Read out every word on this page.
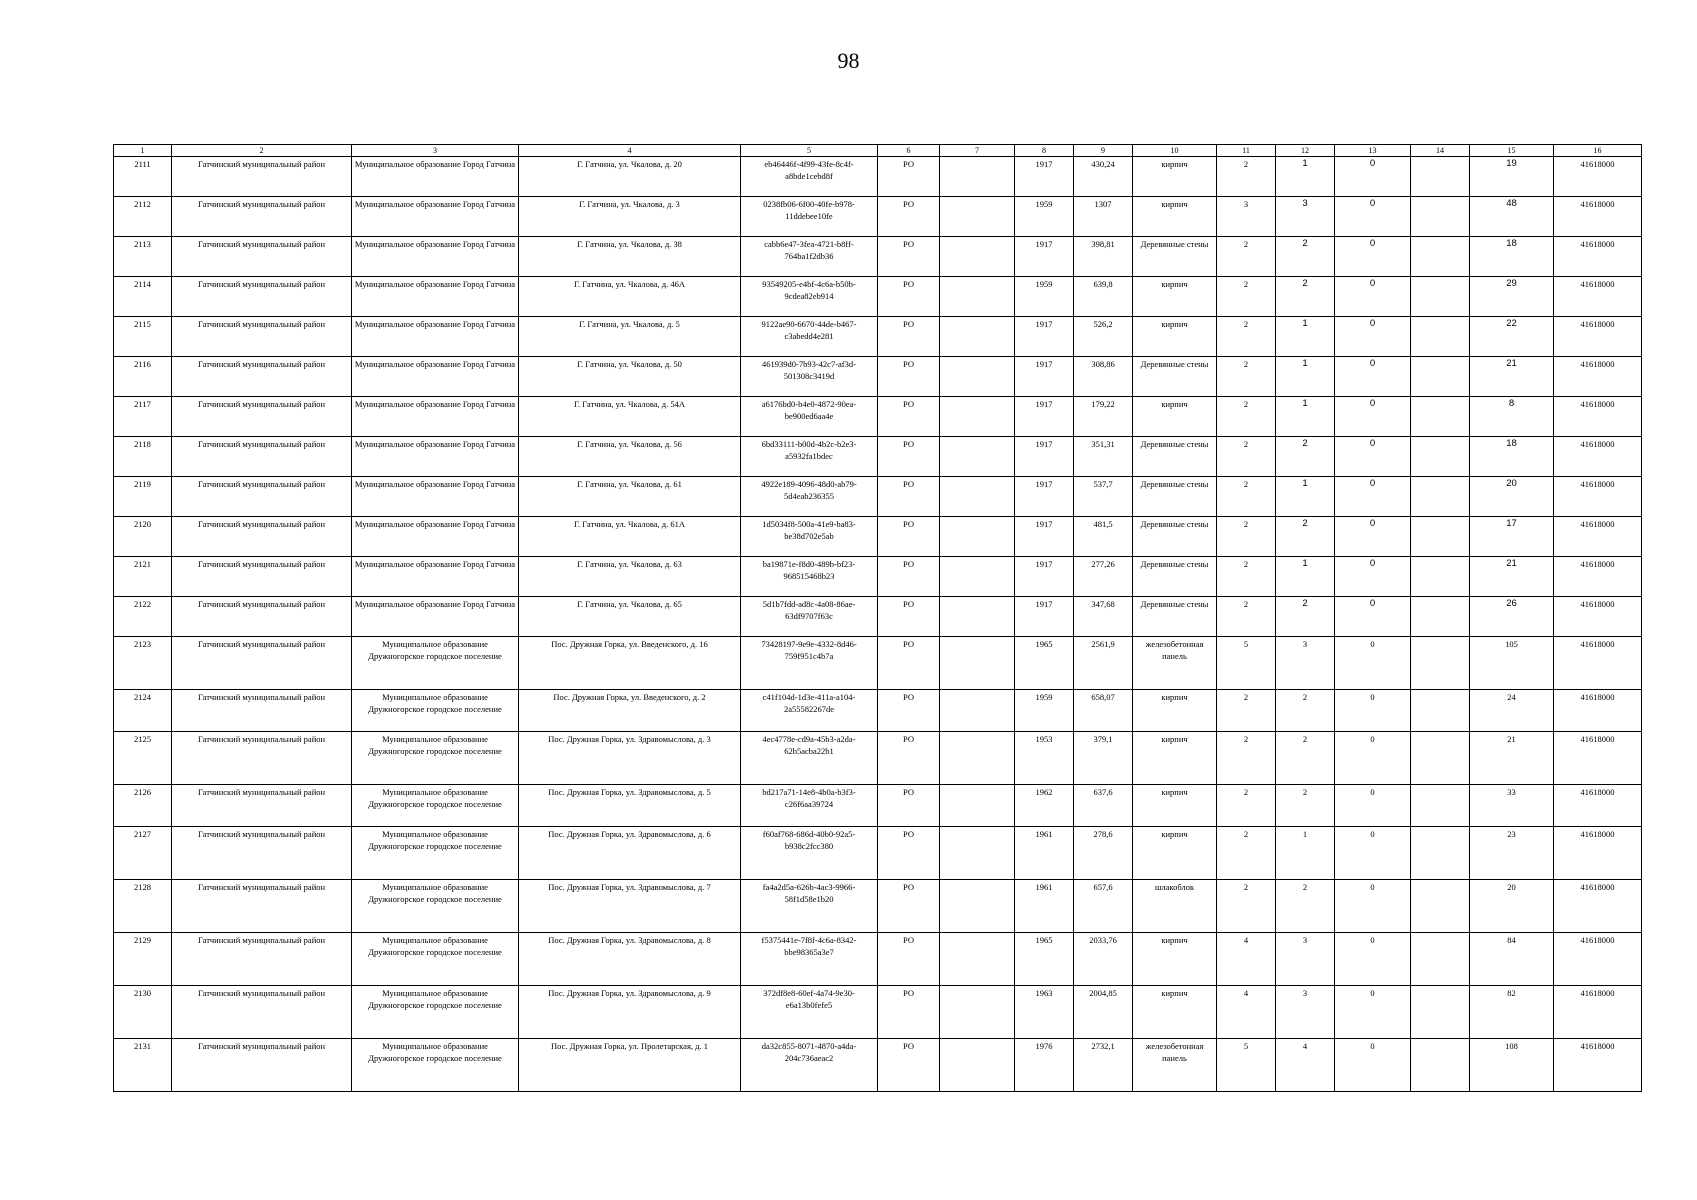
98
1	2	3	4	5	6	7	8	9	10	11	12	13	14	15	16
2111	Гатчинский муниципальный район	Муниципальное образование Город Гатчина	Г. Гатчина, ул. Чкалова, д. 20	eb46446f-4f99-43fe-8c4f-a8bde1cebd8f	РО		1917	430,24	кирпич	2	1	0		19	41618000
2112	Гатчинский муниципальный район	Муниципальное образование Город Гатчина	Г. Гатчина, ул. Чкалова, д. 3	0238fb06-6f00-40fe-b978-11ddebee10fe	РО		1959	1307	кирпич	3	3	0		48	41618000
2113	Гатчинский муниципальный район	Муниципальное образование Город Гатчина	Г. Гатчина, ул. Чкалова, д. 38	cabb6e47-3fea-4721-b8ff-764ba1f2db36	РО		1917	398,81	Деревянные стены	2	2	0		18	41618000
2114	Гатчинский муниципальный район	Муниципальное образование Город Гатчина	Г. Гатчина, ул. Чкалова, д. 46А	93549205-e4bf-4c6a-b50b-9cdea82eb914	РО		1959	639,8	кирпич	2	2	0		29	41618000
2115	Гатчинский муниципальный район	Муниципальное образование Город Гатчина	Г. Гатчина, ул. Чкалова, д. 5	9122ae90-6670-44de-b467-c3abedd4e281	РО		1917	526,2	кирпич	2	1	0		22	41618000
2116	Гатчинский муниципальный район	Муниципальное образование Город Гатчина	Г. Гатчина, ул. Чкалова, д. 50	461939d0-7b93-42c7-af3d-501308c3419d	РО		1917	308,86	Деревянные стены	2	1	0		21	41618000
2117	Гатчинский муниципальный район	Муниципальное образование Город Гатчина	Г. Гатчина, ул. Чкалова, д. 54А	a6176bd0-b4e0-4872-90ea-be900ed6aa4e	РО		1917	179,22	кирпич	2	1	0		8	41618000
2118	Гатчинский муниципальный район	Муниципальное образование Город Гатчина	Г. Гатчина, ул. Чкалова, д. 56	6bd33111-b00d-4b2c-b2e3-a5932fa1bdec	РО		1917	351,31	Деревянные стены	2	2	0		18	41618000
2119	Гатчинский муниципальный район	Муниципальное образование Город Гатчина	Г. Гатчина, ул. Чкалова, д. 61	4922e189-4096-48d0-ab79-5d4eab236355	РО		1917	537,7	Деревянные стены	2	1	0		20	41618000
2120	Гатчинский муниципальный район	Муниципальное образование Город Гатчина	Г. Гатчина, ул. Чкалова, д. 61А	1d5034f8-500a-41e9-ba83-be38d702e5ab	РО		1917	481,5	Деревянные стены	2	2	0		17	41618000
2121	Гатчинский муниципальный район	Муниципальное образование Город Гатчина	Г. Гатчина, ул. Чкалова, д. 63	ba19871e-f8d0-489b-bf23-968515468b23	РО		1917	277,26	Деревянные стены	2	1	0		21	41618000
2122	Гатчинский муниципальный район	Муниципальное образование Город Гатчина	Г. Гатчина, ул. Чкалова, д. 65	5d1b7fdd-ad8c-4a08-86ae-63df9707f63c	РО		1917	347,68	Деревянные стены	2	2	0		26	41618000
2123	Гатчинский муниципальный район	Муниципальное образование Дружногорское городское поселение	Пос. Дружная Горка, ул. Введенского, д. 16	73428197-9e9e-4332-8d46-759f951c4b7a	РО		1965	2561,9	железобетонная панель	5	3	0		105	41618000
2124	Гатчинский муниципальный район	Муниципальное образование Дружногорское городское поселение	Пос. Дружная Горка, ул. Введенского, д. 2	c41f104d-1d3e-411a-a104-2a55582267de	РО		1959	658,07	кирпич	2	2	0		24	41618000
2125	Гатчинский муниципальный район	Муниципальное образование Дружногорское городское поселение	Пос. Дружная Горка, ул. Здравомыслова, д. 3	4ec4778e-cd9a-45b3-a2da-62b5acba22b1	РО		1953	379,1	кирпич	2	2	0		21	41618000
2126	Гатчинский муниципальный район	Муниципальное образование Дружногорское городское поселение	Пос. Дружная Горка, ул. Здравомыслова, д. 5	bd217a71-14e8-4b0a-b3f3-c26f6aa39724	РО		1962	637,6	кирпич	2	2	0		33	41618000
2127	Гатчинский муниципальный район	Муниципальное образование Дружногорское городское поселение	Пос. Дружная Горка, ул. Здравомыслова, д. 6	f60af768-686d-40b0-92a5-b938c2fcc380	РО		1961	278,6	кирпич	2	1	0		23	41618000
2128	Гатчинский муниципальный район	Муниципальное образование Дружногорское городское поселение	Пос. Дружная Горка, ул. Здравомыслова, д. 7	fa4a2d5a-626b-4ac3-9966-58f1d58e1b20	РО		1961	657,6	шлакоблок	2	2	0		20	41618000
2129	Гатчинский муниципальный район	Муниципальное образование Дружногорское городское поселение	Пос. Дружная Горка, ул. Здравомыслова, д. 8	f5375441e-7f8f-4c6a-8342-bbe98365a3e7	РО		1965	2033,76	кирпич	4	3	0		84	41618000
2130	Гатчинский муниципальный район	Муниципальное образование Дружногорское городское поселение	Пос. Дружная Горка, ул. Здравомыслова, д. 9	372df8e8-60ef-4a74-9e30-e6a13b0fefe5	РО		1963	2004,85	кирпич	4	3	0		82	41618000
2131	Гатчинский муниципальный район	Муниципальное образование Дружногорское городское поселение	Пос. Дружная Горка, ул. Пролетарская, д. 1	da32c855-8071-4870-a4da-204c736aeac2	РО		1976	2732,1	железобетонная панель	5	4	0		108	41618000
